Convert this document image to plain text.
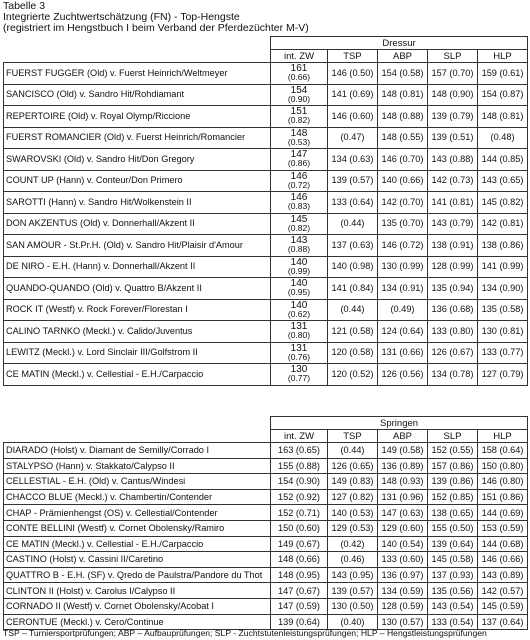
Tabelle 3
Integrierte Zuchtwertschätzung (FN) - Top-Hengste
(registriert im Hengstbuch I beim Verband der Pferdezüchter M-V)
	Dressur				
	int. ZW	TSP	ABP	SLP	HLP
FUERST FUGGER (Old) v. Fuerst Heinrich/Weltmeyer	161
(0.66)	146 (0.50)	154 (0.58)	157 (0.70)	159 (0.61)
SANCISCO (Old) v. Sandro Hit/Rohdiamant	154
(0.90)	141 (0.69)	148 (0.81)	148 (0.90)	154 (0.87)
REPERTOIRE (Old) v. Royal Olymp/Riccione	151
(0.82)	146 (0.60)	148 (0.88)	139 (0.79)	148 (0.81)
FUERST ROMANCIER (Old) v. Fuerst Heinrich/Romancier	148
(0.53)	(0.47)	148 (0.55)	139 (0.51)	(0.48)
SWAROVSKI (Old) v. Sandro Hit/Don Gregory	147
(0.86)	134 (0.63)	146 (0.70)	143 (0.88)	144 (0.85)
COUNT UP (Hann) v. Conteur/Don Primero	146
(0.72)	139 (0.57)	140 (0.66)	142 (0.73)	143 (0.65)
SAROTTI (Hann) v. Sandro Hit/Wolkenstein II	146
(0.83)	133 (0.64)	142 (0.70)	141 (0.81)	145 (0.82)
DON AKZENTUS (Old) v. Donnerhall/Akzent II	145
(0.82)	(0.44)	135 (0.70)	143 (0.79)	142 (0.81)
SAN AMOUR - St.Pr.H. (Old) v. Sandro Hit/Plaisir d'Amour	143
(0.88)	137 (0.63)	146 (0.72)	138 (0.91)	138 (0.86)
DE NIRO - E.H. (Hann) v. Donnerhall/Akzent II	140
(0.99)	140 (0.98)	130 (0.99)	128 (0.99)	141 (0.99)
QUANDO-QUANDO (Old) v. Quattro B/Akzent II	140
(0.95)	141 (0.84)	134 (0.91)	135 (0.94)	134 (0.90)
ROCK IT (Westf) v. Rock Forever/Florestan I	140
(0.62)	(0.44)	(0.49)	136 (0.68)	135 (0.58)
CALINO TARNKO (Meckl.) v. Calido/Juventus	131
(0.80)	121 (0.58)	124 (0.64)	133 (0.80)	130 (0.81)
LEWITZ (Meckl.) v. Lord Sinclair III/Golfstrom II	131
(0.76)	120 (0.58)	131 (0.66)	126 (0.67)	133 (0.77)
CE MATIN (Meckl.) v. Cellestial - E.H./Carpaccio	130
(0.77)	120 (0.52)	126 (0.56)	134 (0.78)	127 (0.79)
	Springen				
	int. ZW	TSP	ABP	SLP	HLP
DIARADO (Holst) v. Diamant de Semilly/Corrado I	163 (0.65)	(0.44)	149 (0.58)	152 (0.55)	158 (0.64)
STALYPSO (Hann) v. Stakkato/Calypso II	155 (0.88)	126 (0.65)	136 (0.89)	157 (0.86)	150 (0.80)
CELLESTIAL - E.H. (Old) v. Cantus/Windesi	154 (0.90)	149 (0.83)	148 (0.93)	139 (0.86)	146 (0.80)
CHACCO BLUE (Meckl.) v. Chambertin/Contender	152 (0.92)	127 (0.82)	131 (0.96)	152 (0.85)	151 (0.86)
CHAP - Prämienhengst (OS) v. Cellestial/Contender	152 (0.71)	140 (0.53)	147 (0.63)	138 (0.65)	144 (0.69)
CONTE BELLINI (Westf) v. Cornet Obolensky/Ramiro	150 (0.60)	129 (0.53)	129 (0.60)	155 (0.50)	153 (0.59)
CE MATIN (Meckl.) v. Cellestial - E.H./Carpaccio	149 (0.67)	(0.42)	140 (0.54)	139 (0.64)	144 (0.68)
CASTINO (Holst) v. Cassini II/Caretino	148 (0.66)	(0.46)	133 (0.60)	145 (0.58)	146 (0.66)
QUATTRO B - E.H. (SF) v. Qredo de Paulstra/Pandore du Thot	148 (0.95)	143 (0.95)	136 (0.97)	137 (0.93)	143 (0.89)
CLINTON II (Holst) v. Carolus I/Calypso II	147 (0.67)	139 (0.57)	134 (0.59)	135 (0.56)	142 (0.57)
CORNADO II (Westf) v. Cornet Obolensky/Acobat I	147 (0.59)	130 (0.50)	128 (0.59)	143 (0.54)	145 (0.59)
CERONTUE (Meckl.) v. Cero/Continue	139 (0.64)	(0.40)	130 (0.57)	133 (0.54)	137 (0.64)
TSP – Turniersportprüfungen; ABP – Aufbauprüfungen; SLP - Zuchtstutenleistungsprüfungen; HLP – Hengstleistungsprüfungen
